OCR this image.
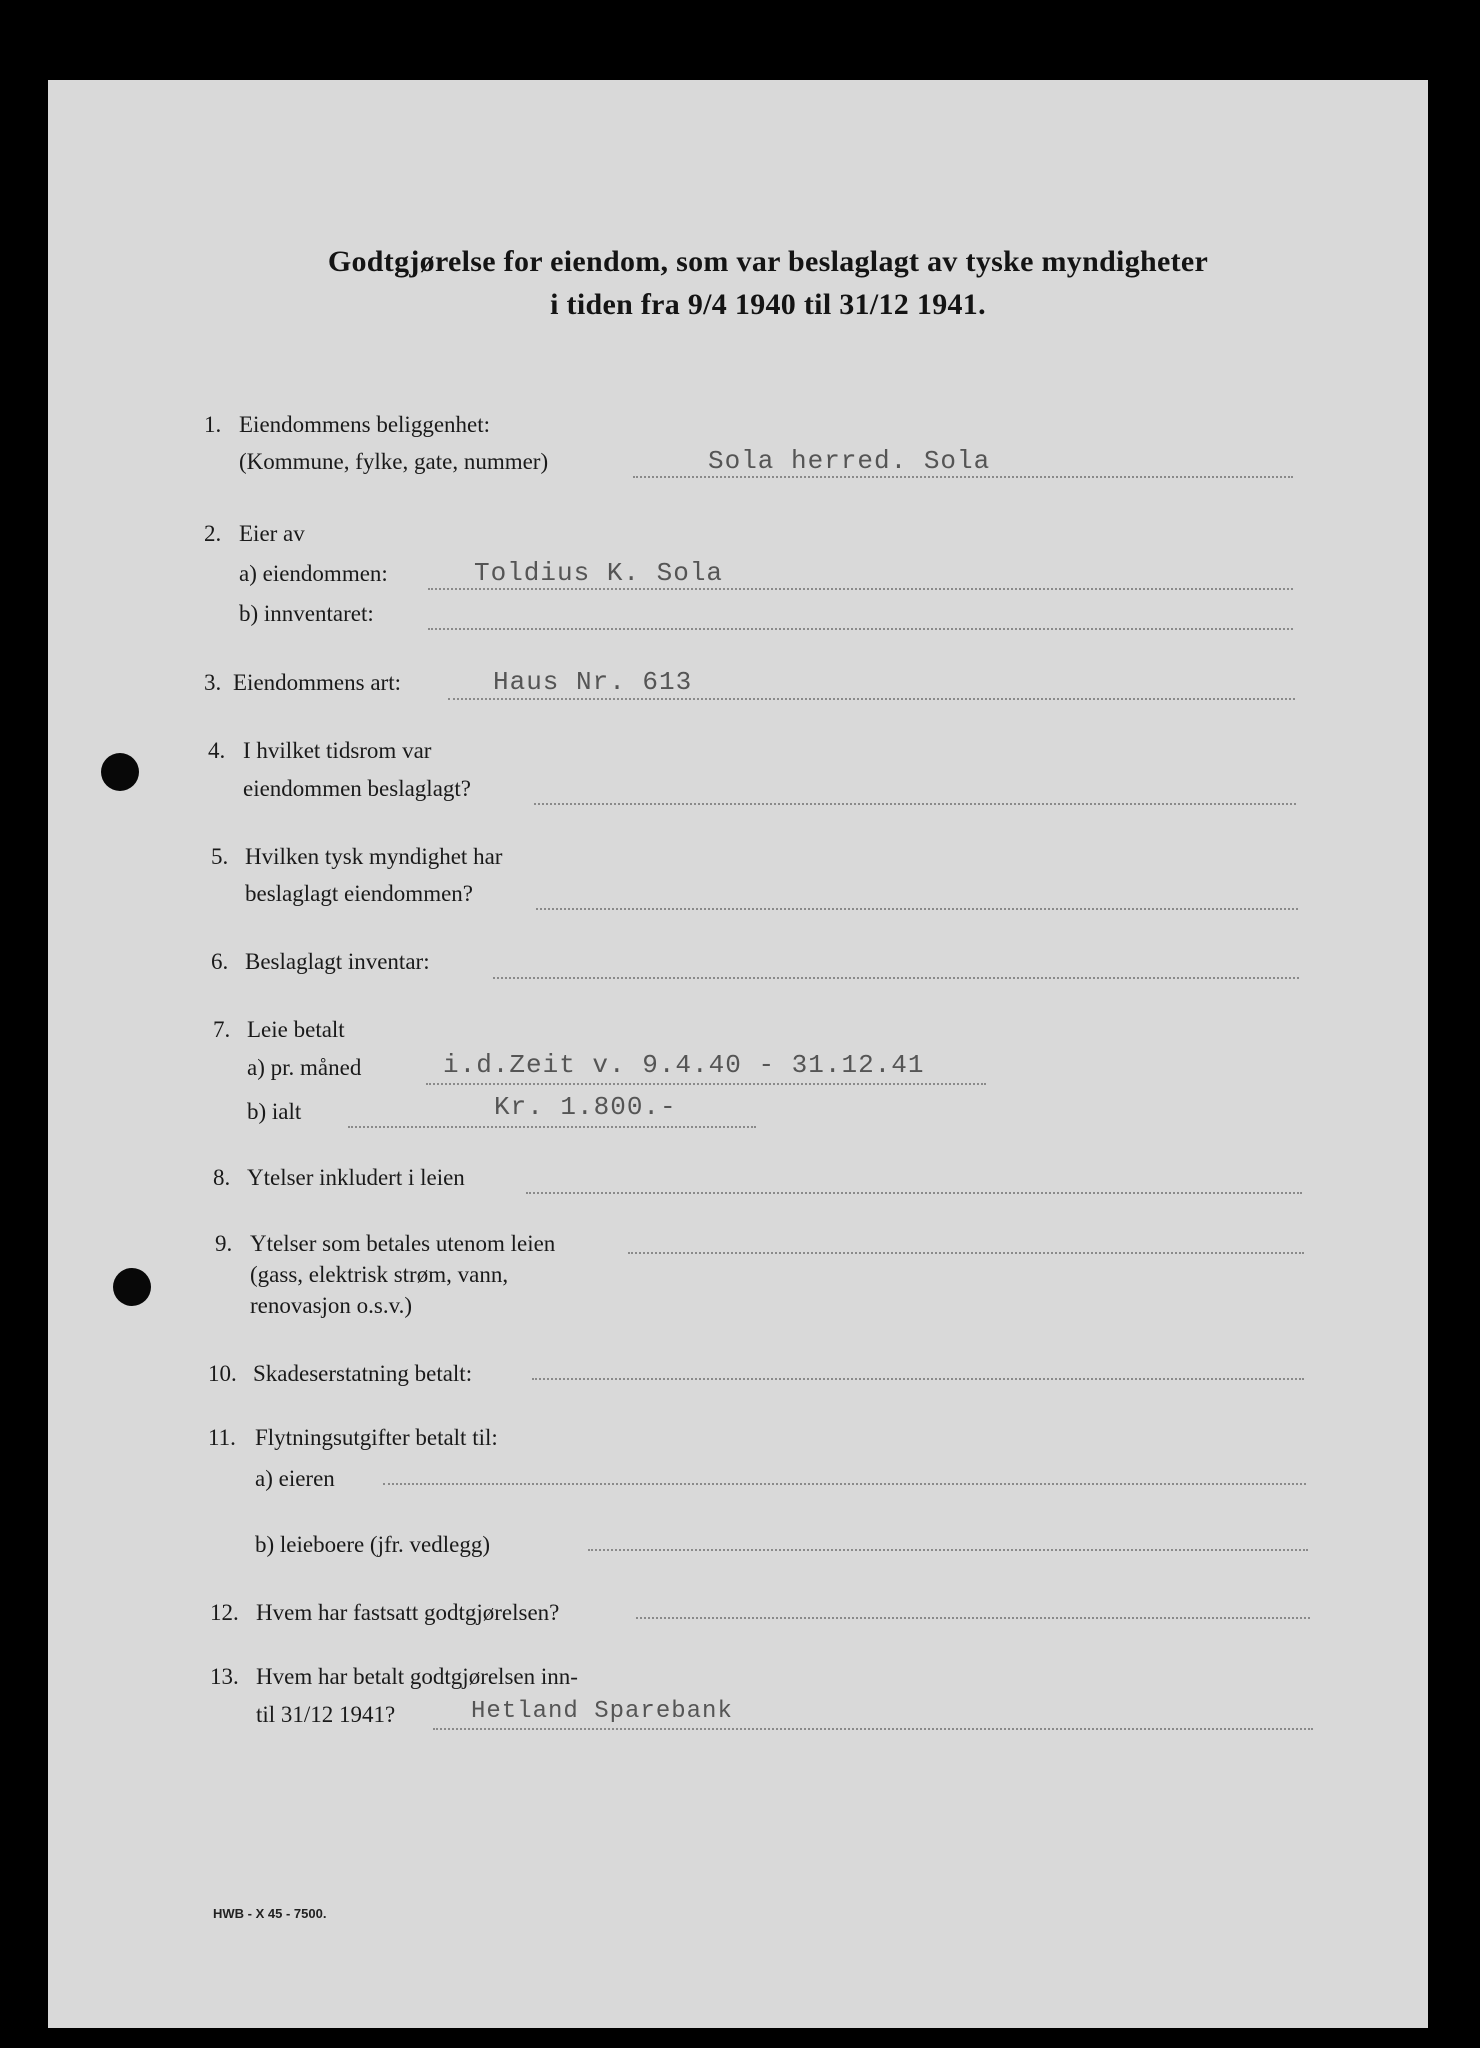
Godtgjørelse for eiendom, som var beslaglagt av tyske myndigheter
i tiden fra 9/4 1940 til 31/12 1941.
1. Eiendommens beliggenhet:
(Kommune, fylke, gate, nummer)	Sola herred. Sola
2. Eier av
a) eiendommen:	Toldius K. Sola
b) innventaret:
3. Eiendommens art:	Haus Nr. 613
4. I hvilket tidsrom var
eiendommen beslaglagt?
5. Hvilken tysk myndighet har
beslaglagt eiendommen?
6. Beslaglagt inventar:
7. Leie betalt
a) pr. måned	i.d.Zeit v. 9.4.40 - 31.12.41
b) ialt	Kr. 1.800.-
8. Ytelser inkludert i leien
9. Ytelser som betales utenom leien
(gass, elektrisk strøm, vann,
renovasjon o.s.v.)
10. Skadeserstatning betalt:
11. Flytningsutgifter betalt til:
a) eieren
b) leieboere (jfr. vedlegg)
12. Hvem har fastsatt godtgjørelsen?
13. Hvem har betalt godtgjørelsen inn-
til 31/12 1941?	Hetland Sparebank
HWB - X 45 - 7500.
